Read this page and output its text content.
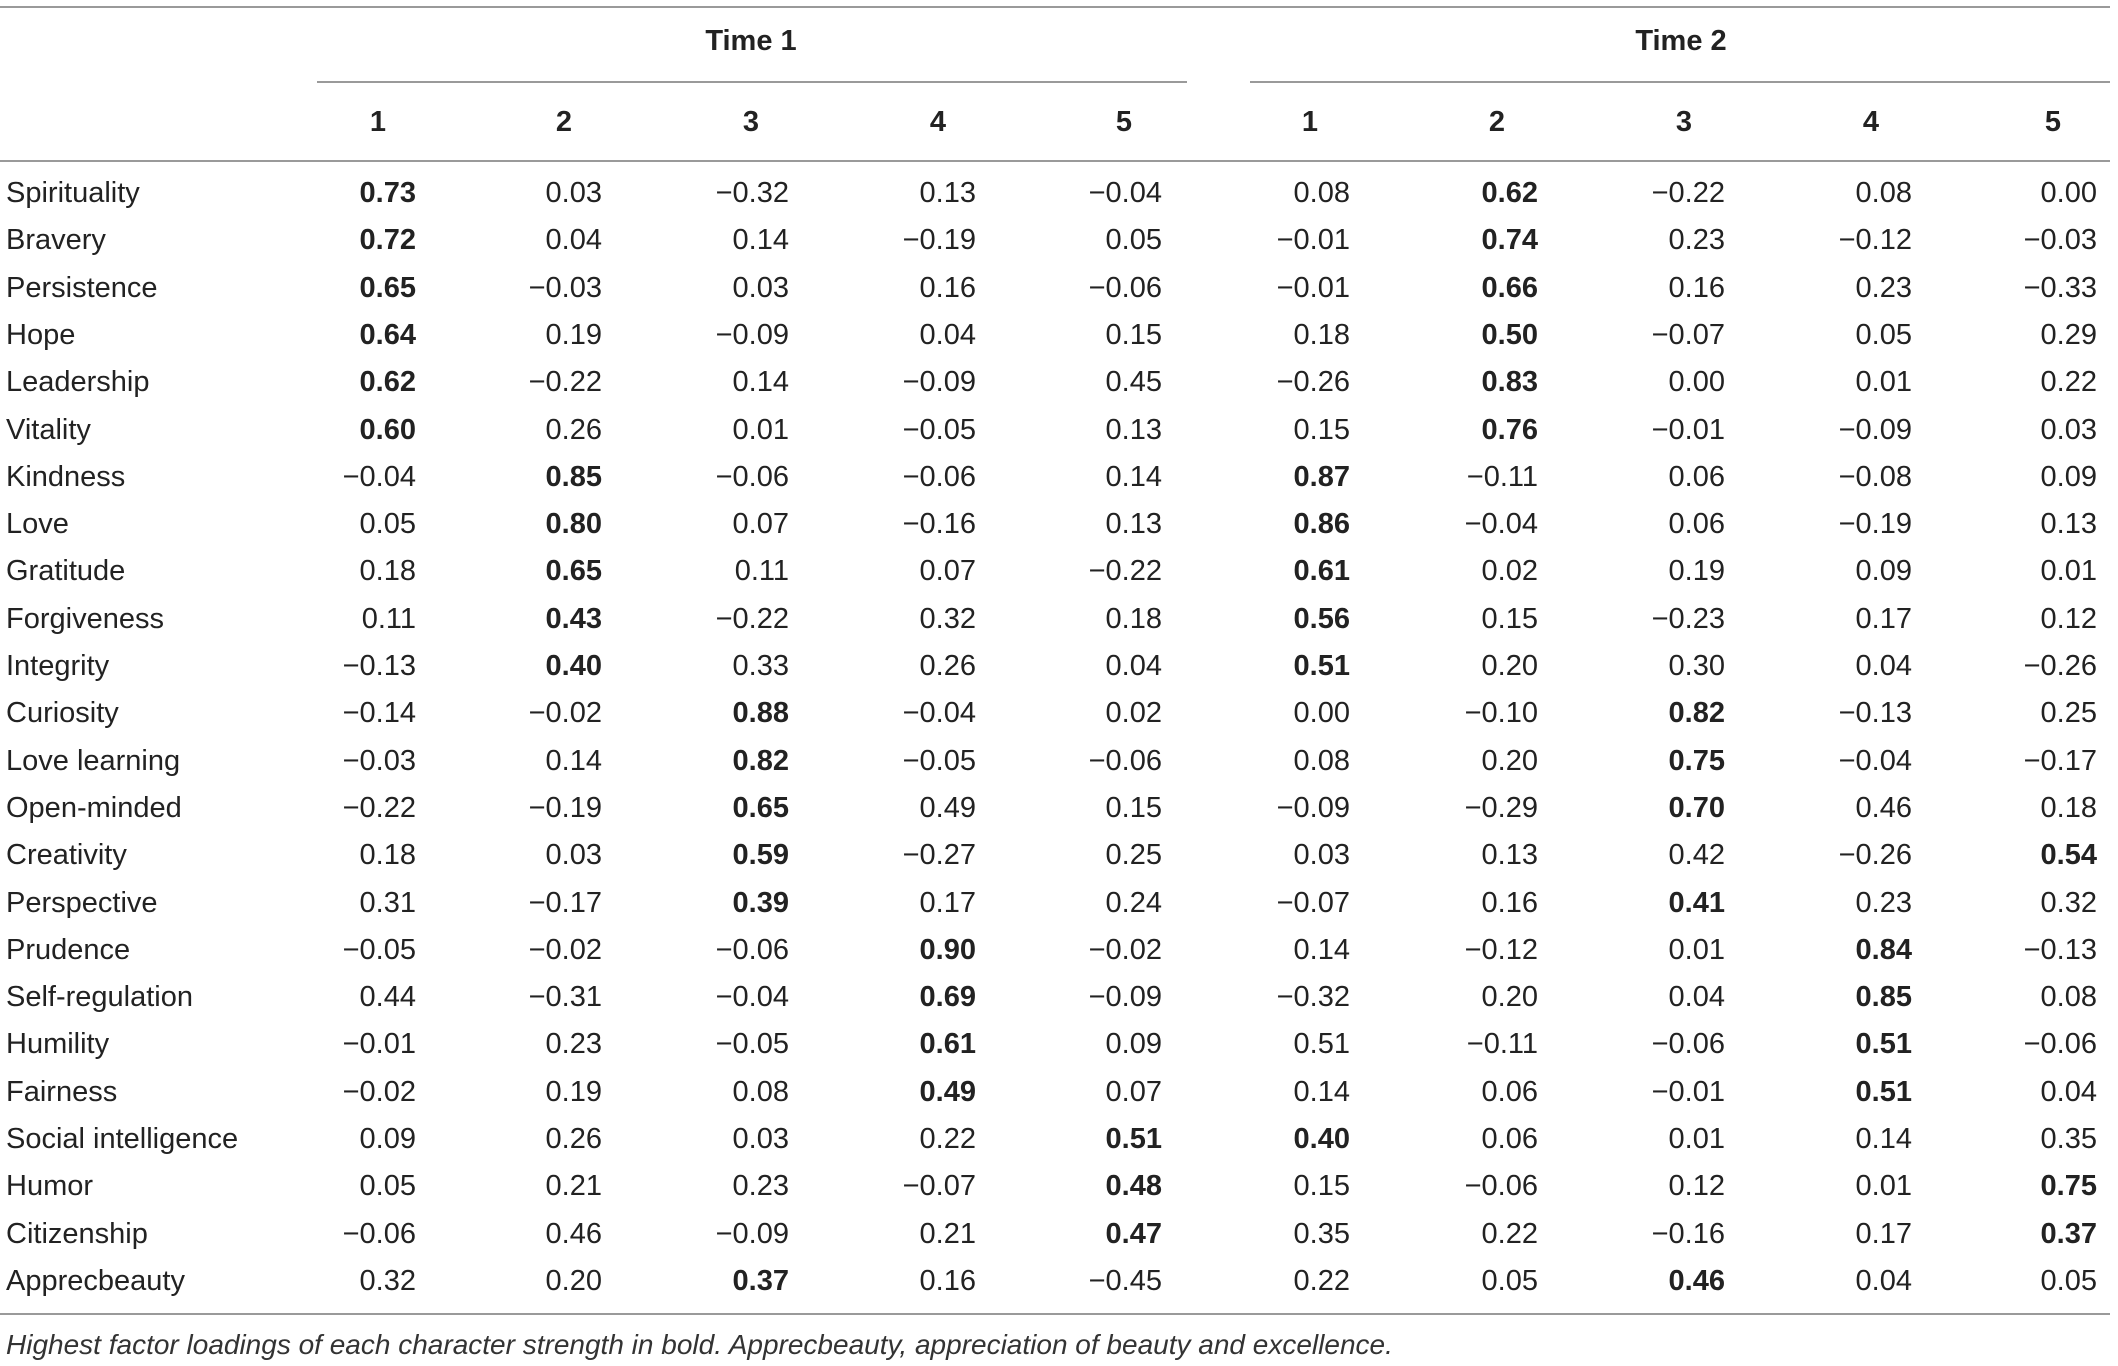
Time 1	Time 2
1	2	3	4	5	1	2	3	4	5
Spirituality	0.73	0.03	−0.32	0.13	−0.04	0.08	0.62	−0.22	0.08	0.00
Bravery	0.72	0.04	0.14	−0.19	0.05	−0.01	0.74	0.23	−0.12	−0.03
Persistence	0.65	−0.03	0.03	0.16	−0.06	−0.01	0.66	0.16	0.23	−0.33
Hope	0.64	0.19	−0.09	0.04	0.15	0.18	0.50	−0.07	0.05	0.29
Leadership	0.62	−0.22	0.14	−0.09	0.45	−0.26	0.83	0.00	0.01	0.22
Vitality	0.60	0.26	0.01	−0.05	0.13	0.15	0.76	−0.01	−0.09	0.03
Kindness	−0.04	0.85	−0.06	−0.06	0.14	0.87	−0.11	0.06	−0.08	0.09
Love	0.05	0.80	0.07	−0.16	0.13	0.86	−0.04	0.06	−0.19	0.13
Gratitude	0.18	0.65	0.11	0.07	−0.22	0.61	0.02	0.19	0.09	0.01
Forgiveness	0.11	0.43	−0.22	0.32	0.18	0.56	0.15	−0.23	0.17	0.12
Integrity	−0.13	0.40	0.33	0.26	0.04	0.51	0.20	0.30	0.04	−0.26
Curiosity	−0.14	−0.02	0.88	−0.04	0.02	0.00	−0.10	0.82	−0.13	0.25
Love learning	−0.03	0.14	0.82	−0.05	−0.06	0.08	0.20	0.75	−0.04	−0.17
Open-minded	−0.22	−0.19	0.65	0.49	0.15	−0.09	−0.29	0.70	0.46	0.18
Creativity	0.18	0.03	0.59	−0.27	0.25	0.03	0.13	0.42	−0.26	0.54
Perspective	0.31	−0.17	0.39	0.17	0.24	−0.07	0.16	0.41	0.23	0.32
Prudence	−0.05	−0.02	−0.06	0.90	−0.02	0.14	−0.12	0.01	0.84	−0.13
Self-regulation	0.44	−0.31	−0.04	0.69	−0.09	−0.32	0.20	0.04	0.85	0.08
Humility	−0.01	0.23	−0.05	0.61	0.09	0.51	−0.11	−0.06	0.51	−0.06
Fairness	−0.02	0.19	0.08	0.49	0.07	0.14	0.06	−0.01	0.51	0.04
Social intelligence	0.09	0.26	0.03	0.22	0.51	0.40	0.06	0.01	0.14	0.35
Humor	0.05	0.21	0.23	−0.07	0.48	0.15	−0.06	0.12	0.01	0.75
Citizenship	−0.06	0.46	−0.09	0.21	0.47	0.35	0.22	−0.16	0.17	0.37
Apprecbeauty	0.32	0.20	0.37	0.16	−0.45	0.22	0.05	0.46	0.04	0.05
Highest factor loadings of each character strength in bold. Apprecbeauty, appreciation of beauty and excellence.
